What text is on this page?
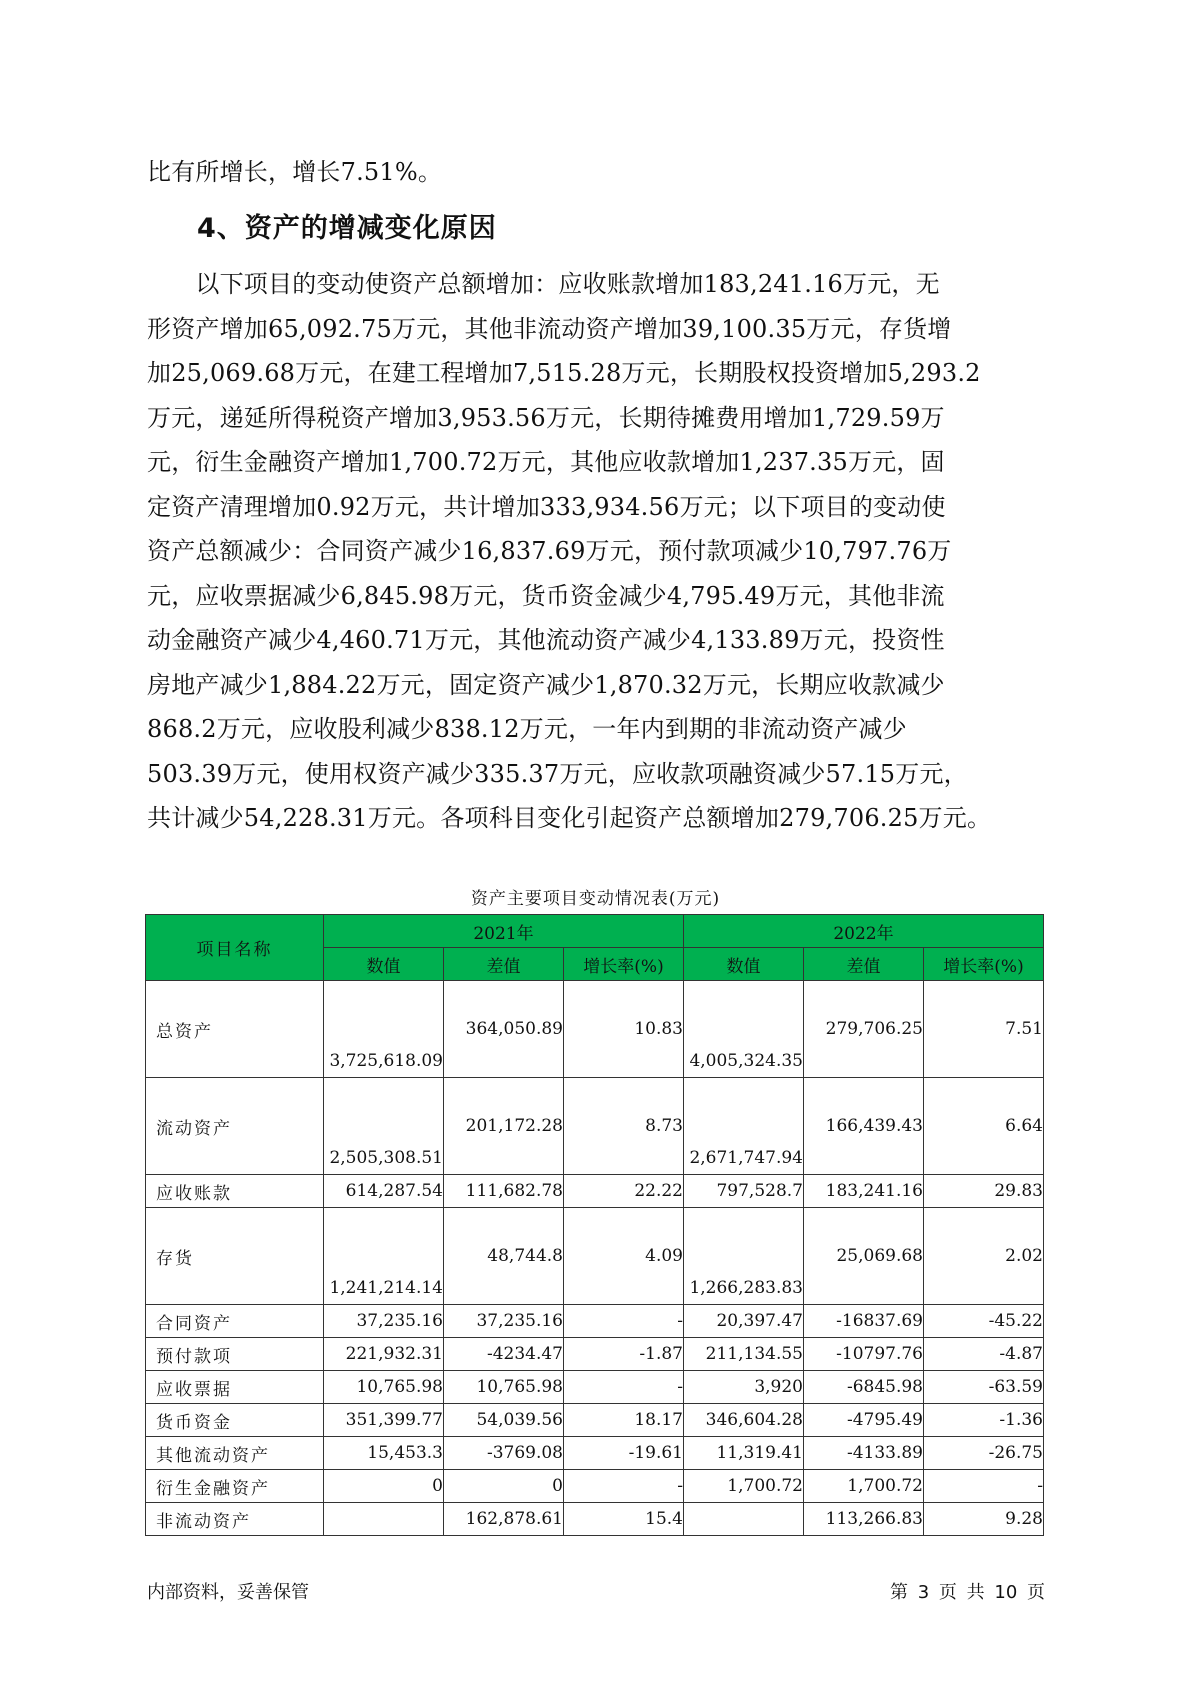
比有所增长，增长7.51%。
4、资产的增减变化原因
　　以下项目的变动使资产总额增加：应收账款增加183,241.16万元，无
形资产增加65,092.75万元，其他非流动资产增加39,100.35万元，存货增
加25,069.68万元，在建工程增加7,515.28万元，长期股权投资增加5,293.2
万元，递延所得税资产增加3,953.56万元，长期待摊费用增加1,729.59万
元，衍生金融资产增加1,700.72万元，其他应收款增加1,237.35万元，固
定资产清理增加0.92万元，共计增加333,934.56万元；以下项目的变动使
资产总额减少：合同资产减少16,837.69万元，预付款项减少10,797.76万
元，应收票据减少6,845.98万元，货币资金减少4,795.49万元，其他非流
动金融资产减少4,460.71万元，其他流动资产减少4,133.89万元，投资性
房地产减少1,884.22万元，固定资产减少1,870.32万元，长期应收款减少
868.2万元，应收股利减少838.12万元，一年内到期的非流动资产减少
503.39万元，使用权资产减少335.37万元，应收款项融资减少57.15万元，
共计减少54,228.31万元。各项科目变化引起资产总额增加279,706.25万元。
资产主要项目变动情况表(万元)
项目名称	2021年			2022年		
	数值	差值	增长率(%)	数值	差值	增长率(%)
总资产	3,725,618.09	364,050.89	10.83	4,005,324.35	279,706.25	7.51
流动资产	2,505,308.51	201,172.28	8.73	2,671,747.94	166,439.43	6.64
应收账款	614,287.54	111,682.78	22.22	797,528.7	183,241.16	29.83
存货	1,241,214.14	48,744.8	4.09	1,266,283.83	25,069.68	2.02
合同资产	37,235.16	37,235.16	-	20,397.47	-16837.69	-45.22
预付款项	221,932.31	-4234.47	-1.87	211,134.55	-10797.76	-4.87
应收票据	10,765.98	10,765.98	-	3,920	-6845.98	-63.59
货币资金	351,399.77	54,039.56	18.17	346,604.28	-4795.49	-1.36
其他流动资产	15,453.3	-3769.08	-19.61	11,319.41	-4133.89	-26.75
衍生金融资产	0	0	-	1,700.72	1,700.72	-
非流动资产		162,878.61	15.4		113,266.83	9.28
内部资料，妥善保管	第 3 页 共 10 页
